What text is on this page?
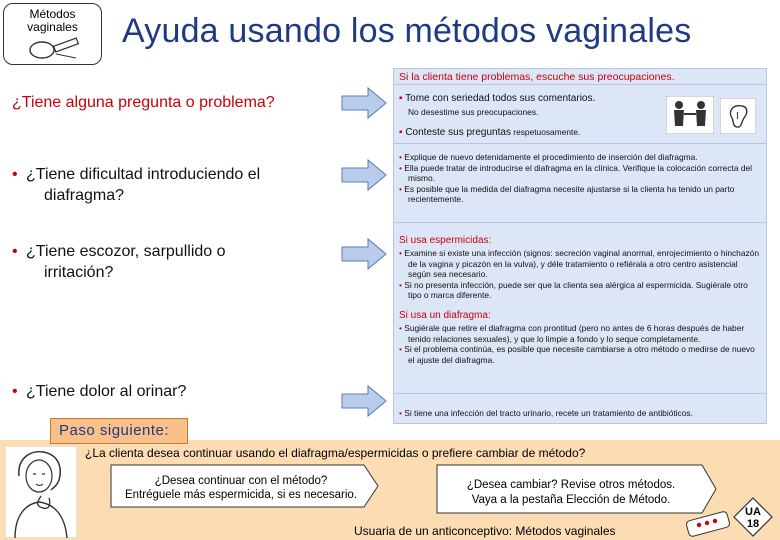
Métodos
vaginales	Ayuda usando los métodos vaginales
Si la clienta tiene problemas, escuche sus preocupaciones.
▪ Tome con seriedad todos sus comentarios.
No desestime sus preocupaciones.
▪ Conteste sus preguntas respetuosamente.
• Explique de nuevo detenidamente el procedimiento de inserción del diafragma.
• Ella puede tratar de introducirse el diafragma en la clínica. Verifique la colocación correcta del mismo.
• Es posible que la medida del diafragma necesite ajustarse si la clienta ha tenido un parto recientemente.
Si usa espermicidas:
• Examine si existe una infección (signos: secreción vaginal anormal, enrojecimiento o hinchazón de la vagina y picazón en la vulva), y déle tratamiento o refiérala a otro centro asistencial según sea necesario.
• Si no presenta infección, puede ser que la clienta sea alérgica al espermicida. Sugiérale otro tipo o marca diferente.
Si usa un diafragma:
• Sugiérale que retire el diafragma con prontitud (pero no antes de 6 horas después de haber tenido relaciones sexuales), y que lo limpie a fondo y lo seque completamente.
• Si el problema continúa, es posible que necesite cambiarse a otro método o medirse de nuevo el ajuste del diafragma.
• Si tiene una infección del tracto urinario, recete un tratamiento de antibióticos.
¿Tiene alguna pregunta o problema?
• ¿Tiene dificultad introduciendo el
diafragma?
• ¿Tiene escozor, sarpullido o
irritación?
• ¿Tiene dolor al orinar?
Paso siguiente:
¿La clienta desea continuar usando el diafragma/espermicidas o prefiere cambiar de método?
¿Desea continuar con el método?
Entréguele más espermicida, si es necesario.
¿Desea cambiar? Revise otros métodos.
Vaya a la pestaña Elección de Método.
Usuaria de un anticonceptivo: Métodos vaginales
UA
18
